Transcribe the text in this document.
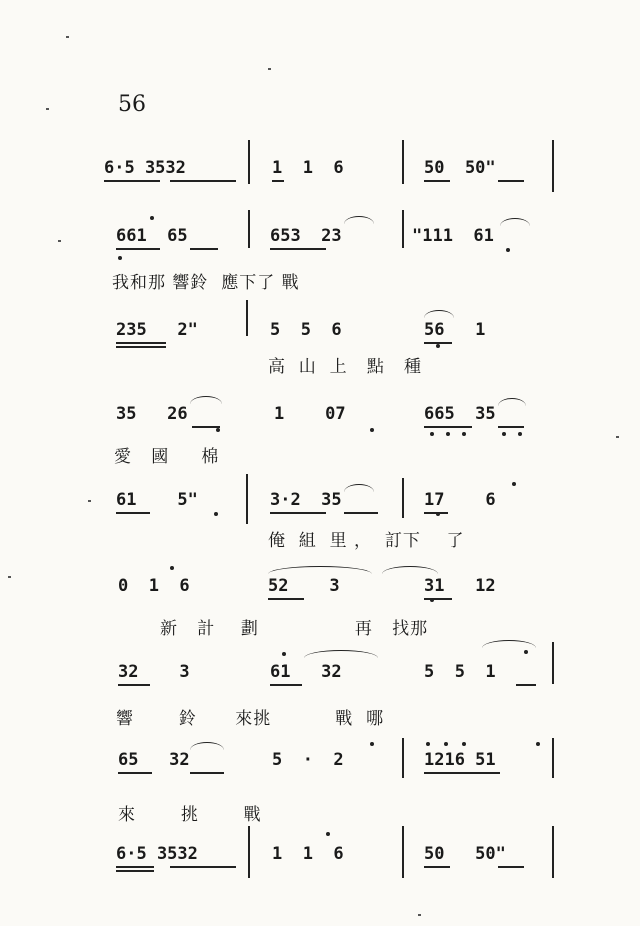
56
6·5 3532	1  1  6	50  50"
661  65	653  23	"111  61
我和那 響鈴  應下了 戰
235   2"	5  5  6	56   1
高  山  上   點   種
35   26	1    07	665  35
愛   國     棉
61    5"	3·2  35	17    6
俺  組  里 ，  訂下    了
0  1  6	52    3	31   12
新   計    劃               再   找那
32    3	61   32	5  5  1
響       鈴      來挑          戰  哪
65   32	5  ·  2	1216 51
來       挑       戰
6·5 3532	1  1  6	50   50"
